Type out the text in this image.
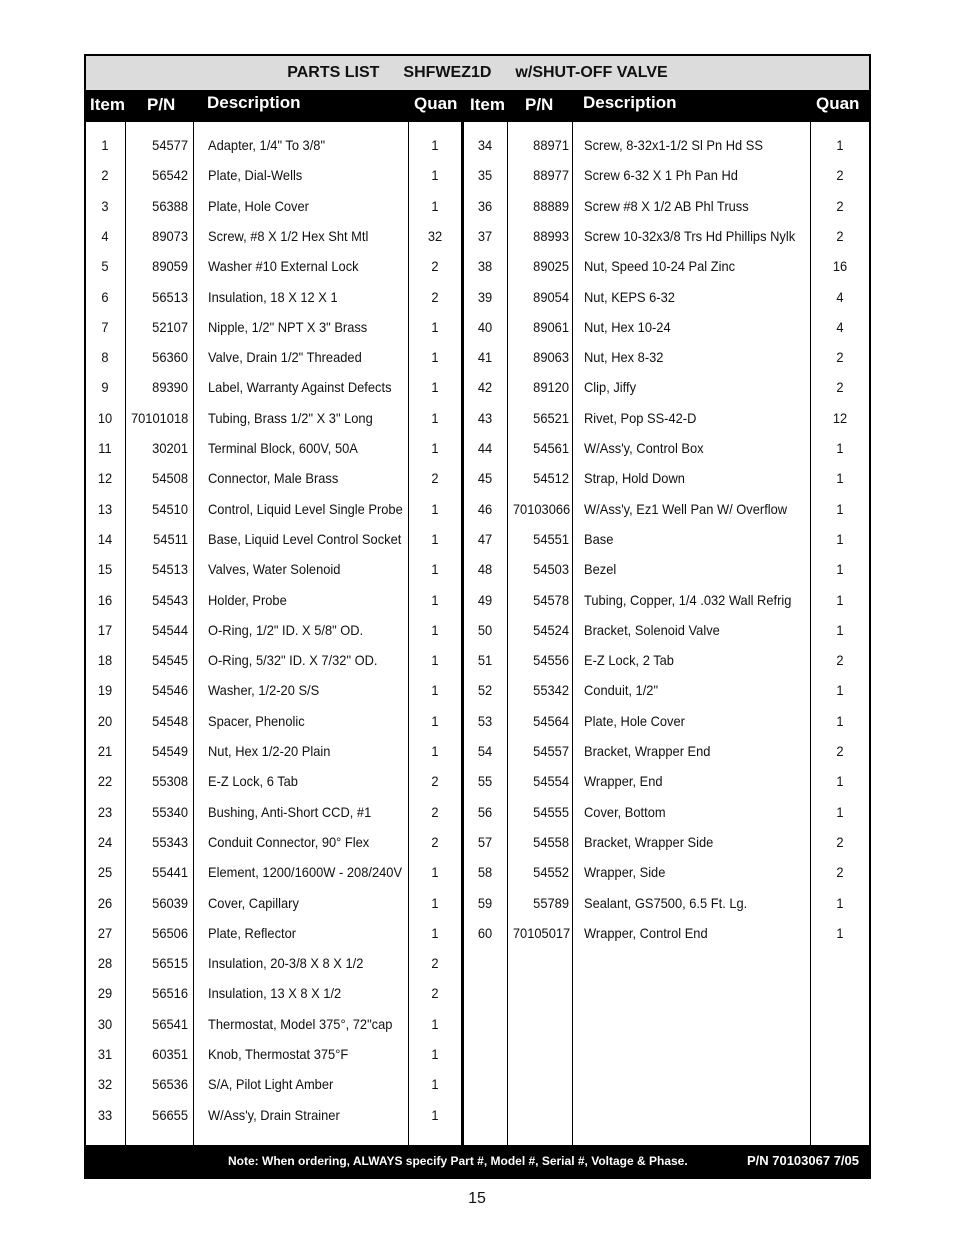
PARTS LIST SHFWEZ1D w/SHUT-OFF VALVE
Item P/N Description	Quan Item P/N Description	Quan
1	54577 Adapter, 1/4" To 3/8"	1
2	56542 Plate, Dial-Wells	1
3	56388 Plate, Hole Cover	1
4	89073 Screw, #8 X 1/2 Hex Sht Mtl	32
5	89059 Washer #10 External Lock	2
6	56513 Insulation, 18 X 12 X 1	2
7	52107 Nipple, 1/2" NPT X 3" Brass	1
8	56360 Valve, Drain 1/2" Threaded	1
9	89390 Label, Warranty Against Defects	1
10	70101018 Tubing, Brass 1/2" X 3" Long	1
11	30201 Terminal Block, 600V, 50A	1
12	54508 Connector, Male Brass	2
13	54510 Control, Liquid Level Single Probe	1
14	54511 Base, Liquid Level Control Socket	1
15	54513 Valves, Water Solenoid	1
16	54543 Holder, Probe	1
17	54544 O-Ring, 1/2" ID. X 5/8" OD.	1
18	54545 O-Ring, 5/32" ID. X 7/32" OD.	1
19	54546 Washer, 1/2-20 S/S	1
20	54548 Spacer, Phenolic	1
21	54549 Nut, Hex 1/2-20 Plain	1
22	55308 E-Z Lock, 6 Tab	2
23	55340 Bushing, Anti-Short CCD, #1	2
24	55343 Conduit Connector, 90° Flex	2
25	55441 Element, 1200/1600W - 208/240V	1
26	56039 Cover, Capillary	1
27	56506 Plate, Reflector	1
28	56515 Insulation, 20-3/8 X 8 X 1/2	2
29	56516 Insulation, 13 X 8 X 1/2	2
30	56541 Thermostat, Model 375°, 72"cap	1
31	60351 Knob, Thermostat 375°F	1
32	56536 S/A, Pilot Light Amber	1
33	56655 W/Ass'y, Drain Strainer	1
34	88971 Screw, 8-32x1-1/2 Sl Pn Hd SS	1
35	88977 Screw 6-32 X 1 Ph Pan Hd	2
36	88889 Screw #8 X 1/2 AB Phl Truss	2
37	88993 Screw 10-32x3/8 Trs Hd Phillips Nylk	2
38	89025 Nut, Speed 10-24 Pal Zinc	16
39	89054 Nut, KEPS 6-32	4
40	89061 Nut, Hex 10-24	4
41	89063 Nut, Hex 8-32	2
42	89120 Clip, Jiffy	2
43	56521 Rivet, Pop SS-42-D	12
44	54561 W/Ass'y, Control Box	1
45	54512 Strap, Hold Down	1
46	70103066 W/Ass'y, Ez1 Well Pan W/ Overflow	1
47	54551 Base	1
48	54503 Bezel	1
49	54578 Tubing, Copper, 1/4 .032 Wall Refrig	1
50	54524 Bracket, Solenoid Valve	1
51	54556 E-Z Lock, 2 Tab	2
52	55342 Conduit, 1/2"	1
53	54564 Plate, Hole Cover	1
54	54557 Bracket, Wrapper End	2
55	54554 Wrapper, End	1
56	54555 Cover, Bottom	1
57	54558 Bracket, Wrapper Side	2
58	54552 Wrapper, Side	2
59	55789 Sealant, GS7500, 6.5 Ft. Lg.	1
60	70105017 Wrapper, Control End	1
Note: When ordering, ALWAYS specify Part #, Model #, Serial #, Voltage & Phase.	P/N 70103067 7/05
15
